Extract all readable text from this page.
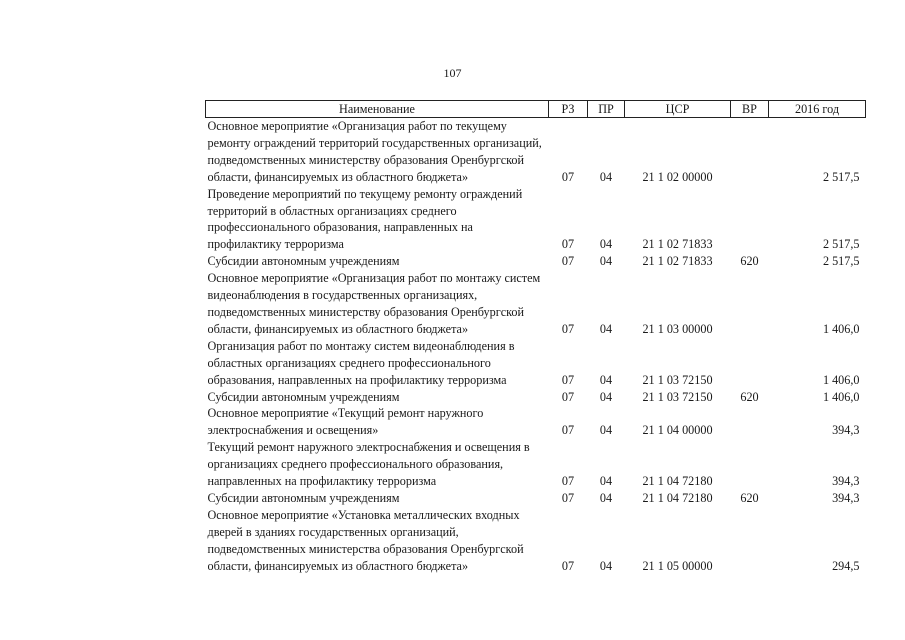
107
Наименование	РЗ	ПР	ЦСР	ВР	2016 год
Основное мероприятие «Организация работ по текущему ремонту ограждений территорий государственных организаций, подведомственных министерству образования Оренбургской области, финансируемых из областного бюджета»	07	04	21 1 02 00000		2 517,5
Проведение мероприятий по текущему ремонту ограждений территорий в областных организациях среднего профессионального образования, направленных на профилактику терроризма	07	04	21 1 02 71833		2 517,5
Субсидии автономным учреждениям	07	04	21 1 02 71833	620	2 517,5
Основное мероприятие «Организация работ по монтажу систем видеонаблюдения в государственных организациях, подведомственных министерству образования Оренбургской области, финансируемых из областного бюджета»	07	04	21 1 03 00000		1 406,0
Организация работ по монтажу систем видеонаблюдения в областных организациях среднего профессионального образования, направленных на профилактику терроризма	07	04	21 1 03 72150		1 406,0
Субсидии автономным учреждениям	07	04	21 1 03 72150	620	1 406,0
Основное мероприятие «Текущий ремонт наружного электроснабжения и освещения»	07	04	21 1 04 00000		394,3
Текущий ремонт наружного электроснабжения и освещения в организациях среднего профессионального образования, направленных на профилактику терроризма	07	04	21 1 04 72180		394,3
Субсидии автономным учреждениям	07	04	21 1 04 72180	620	394,3
Основное мероприятие «Установка металлических входных дверей в зданиях государственных организаций, подведомственных министерства образования Оренбургской области, финансируемых из областного бюджета»	07	04	21 1 05 00000		294,5
